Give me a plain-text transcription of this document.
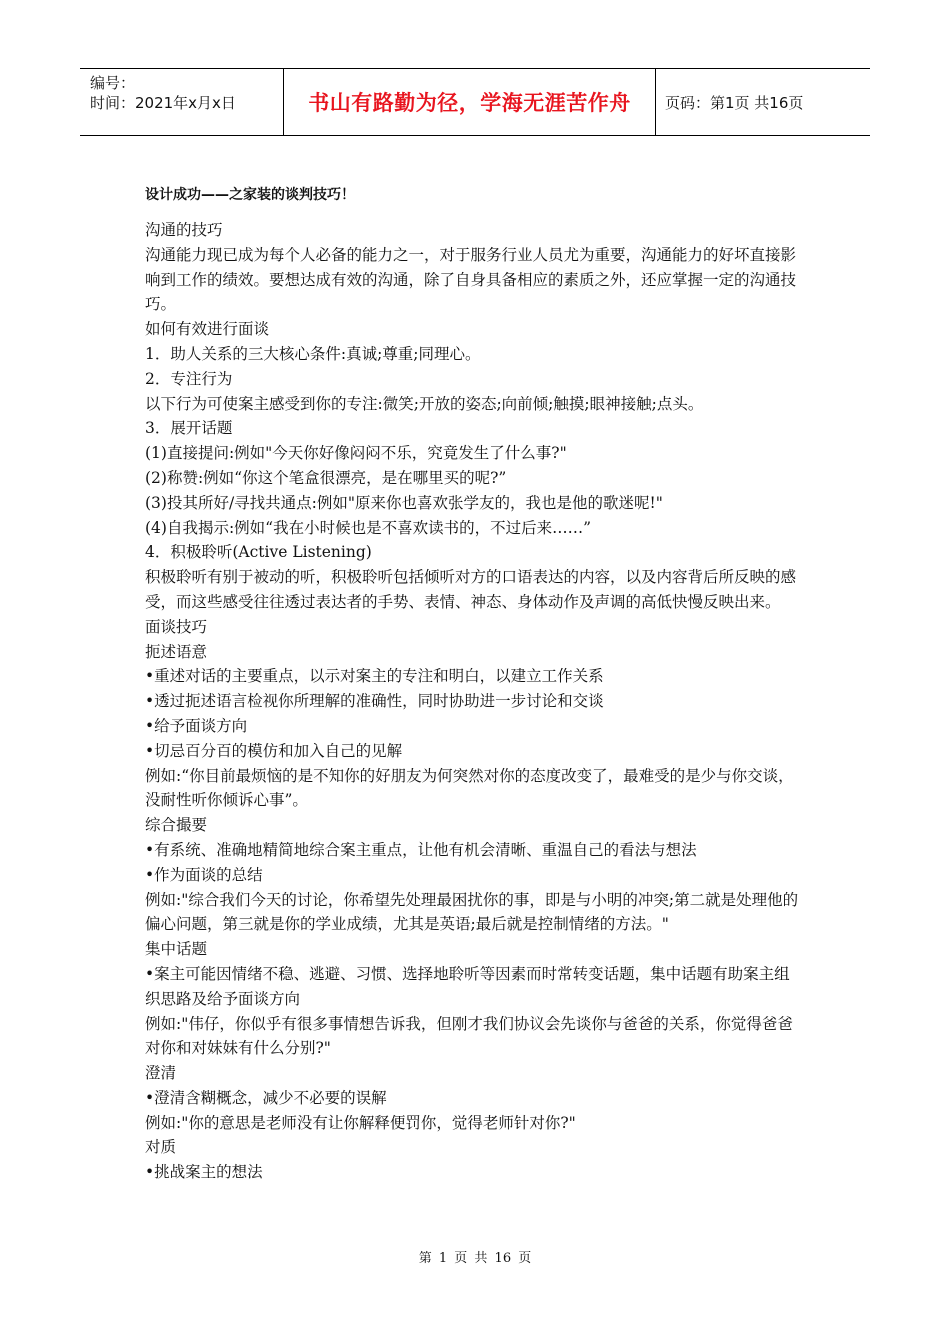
编号：
时间：2021年x月x日	书山有路勤为径，学海无涯苦作舟	页码：第1页 共16页
设计成功——之家装的谈判技巧！

沟通的技巧

沟通能力现已成为每个人必备的能力之一，对于服务行业人员尤为重要，沟通能力的好坏直接影响到工作的绩效。要想达成有效的沟通，除了自身具备相应的素质之外，还应掌握一定的沟通技巧。

如何有效进行面谈

1．助人关系的三大核心条件:真诚;尊重;同理心。

2．专注行为

以下行为可使案主感受到你的专注:微笑;开放的姿态;向前倾;触摸;眼神接触;点头。

3．展开话题

(1)直接提问:例如"今天你好像闷闷不乐，究竟发生了什么事?"

(2)称赞:例如“你这个笔盒很漂亮，是在哪里买的呢?”

(3)投其所好/寻找共通点:例如"原来你也喜欢张学友的，我也是他的歌迷呢!"

(4)自我揭示:例如“我在小时候也是不喜欢读书的，不过后来……”

4．积极聆听(Active Listening)

积极聆听有别于被动的听，积极聆听包括倾听对方的口语表达的内容，以及内容背后所反映的感受，而这些感受往往透过表达者的手势、表情、神态、身体动作及声调的高低快慢反映出来。

面谈技巧

扼述语意

•重述对话的主要重点，以示对案主的专注和明白，以建立工作关系

•透过扼述语言检视你所理解的准确性，同时协助进一步讨论和交谈

•给予面谈方向

•切忌百分百的模仿和加入自己的见解

例如:“你目前最烦恼的是不知你的好朋友为何突然对你的态度改变了，最难受的是少与你交谈，没耐性听你倾诉心事”。

综合撮要

•有系统、准确地精简地综合案主重点，让他有机会清晰、重温自己的看法与想法

•作为面谈的总结

例如:"综合我们今天的讨论，你希望先处理最困扰你的事，即是与小明的冲突;第二就是处理他的偏心问题，第三就是你的学业成绩，尤其是英语;最后就是控制情绪的方法。"

集中话题

•案主可能因情绪不稳、逃避、习惯、选择地聆听等因素而时常转变话题，集中话题有助案主组织思路及给予面谈方向

例如:"伟仔，你似乎有很多事情想告诉我，但刚才我们协议会先谈你与爸爸的关系，你觉得爸爸对你和对妹妹有什么分别?"

澄清

•澄清含糊概念，减少不必要的误解

例如:"你的意思是老师没有让你解释便罚你，觉得老师针对你?"

对质

•挑战案主的想法

第 1 页 共 16 页
